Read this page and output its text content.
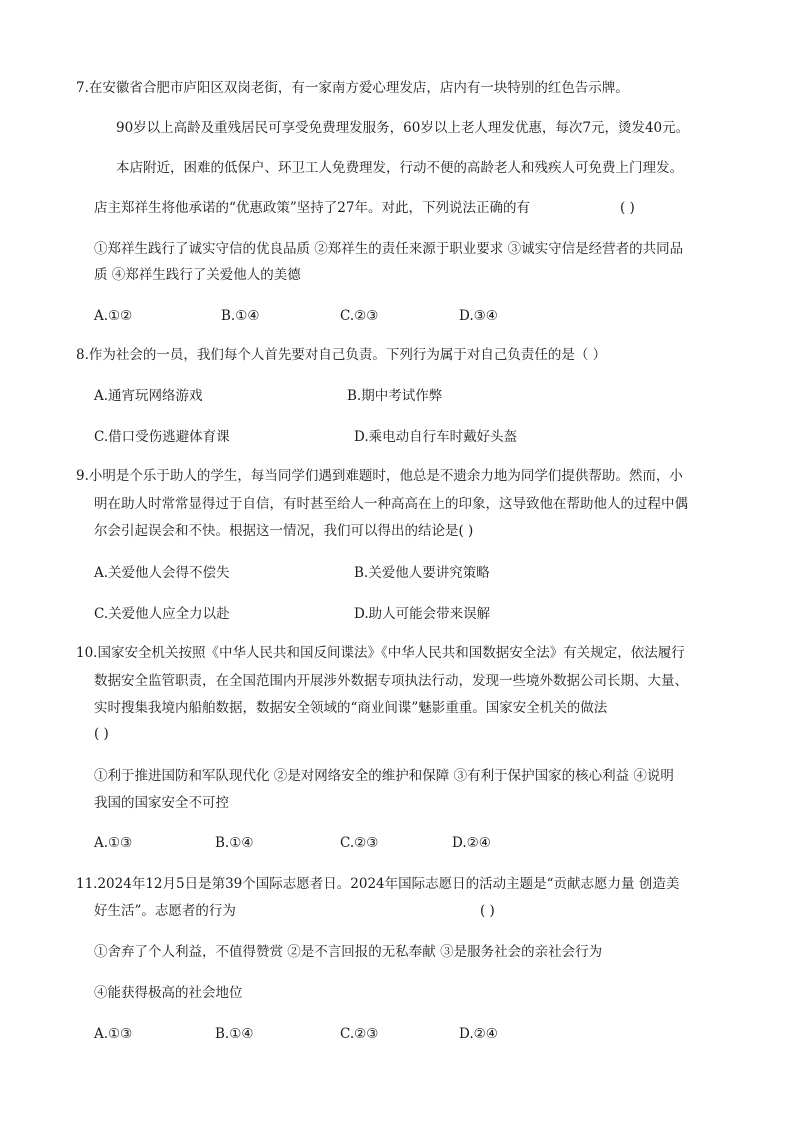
7.在安徽省合肥市庐阳区双岗老街，有一家南方爱心理发店，店内有一块特别的红色告示牌。
90岁以上高龄及重残居民可享受免费理发服务，60岁以上老人理发优惠，每次7元，烫发40元。
本店附近，困难的低保户、环卫工人免费理发，行动不便的高龄老人和残疾人可免费上门理发。
店主郑祥生将他承诺的“优惠政策”坚持了27年。对此，下列说法正确的有	( )
①郑祥生践行了诚实守信的优良品质 ②郑祥生的责任来源于职业要求 ③诚实守信是经营者的共同品
质 ④郑祥生践行了关爱他人的美德
A.①②	B.①④	C.②③	D.③④
8.作为社会的一员，我们每个人首先要对自己负责。下列行为属于对自己负责任的是（ ）
A.通宵玩网络游戏	B.期中考试作弊
C.借口受伤逃避体育课	D.乘电动自行车时戴好头盔
9.小明是个乐于助人的学生，每当同学们遇到难题时，他总是不遗余力地为同学们提供帮助。然而，小
明在助人时常常显得过于自信，有时甚至给人一种高高在上的印象，这导致他在帮助他人的过程中偶
尔会引起误会和不快。根据这一情况，我们可以得出的结论是( )
A.关爱他人会得不偿失	B.关爱他人要讲究策略
C.关爱他人应全力以赴	D.助人可能会带来误解
10.国家安全机关按照《中华人民共和国反间谍法》《中华人民共和国数据安全法》有关规定，依法履行
数据安全监管职责，在全国范围内开展涉外数据专项执法行动，发现一些境外数据公司长期、大量、
实时搜集我境内船舶数据，数据安全领域的“商业间谍”魅影重重。国家安全机关的做法
( )
①利于推进国防和军队现代化 ②是对网络安全的维护和保障 ③有利于保护国家的核心利益 ④说明
我国的国家安全不可控
A.①③	B.①④	C.②③	D.②④
11.2024年12月5日是第39个国际志愿者日。2024年国际志愿日的活动主题是“贡献志愿力量 创造美
好生活”。志愿者的行为	( )
①舍弃了个人利益，不值得赞赏 ②是不言回报的无私奉献 ③是服务社会的亲社会行为
④能获得极高的社会地位
A.①③	B.①④	C.②③	D.②④
